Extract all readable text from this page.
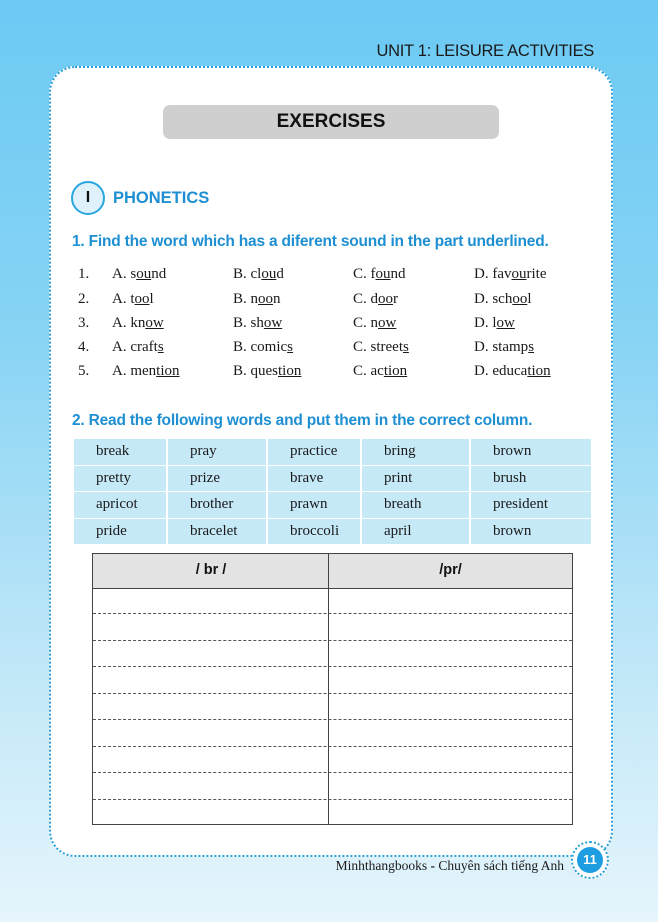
UNIT 1: LEISURE ACTIVITIES
EXERCISES
I	PHONETICS
1. Find the word which has a diferent sound in the part underlined.
1. A. sound	B. cloud	C. found	D. favourite
2. A. tool	B. noon	C. door	D. school
3. A. know	B. show	C. now	D. low
4. A. crafts	B. comics	C. streets	D. stamps
5. A. mention	B. question	C. action	D. education
2. Read the following words and put them in the correct column.
break	pray	practice	bring	brown
pretty	prize	brave	print	brush
apricot	brother	prawn	breath	president
pride	bracelet	broccoli	april	brown
/ br /	/pr/
Minhthangbooks - Chuyên sách tiếng Anh	11
